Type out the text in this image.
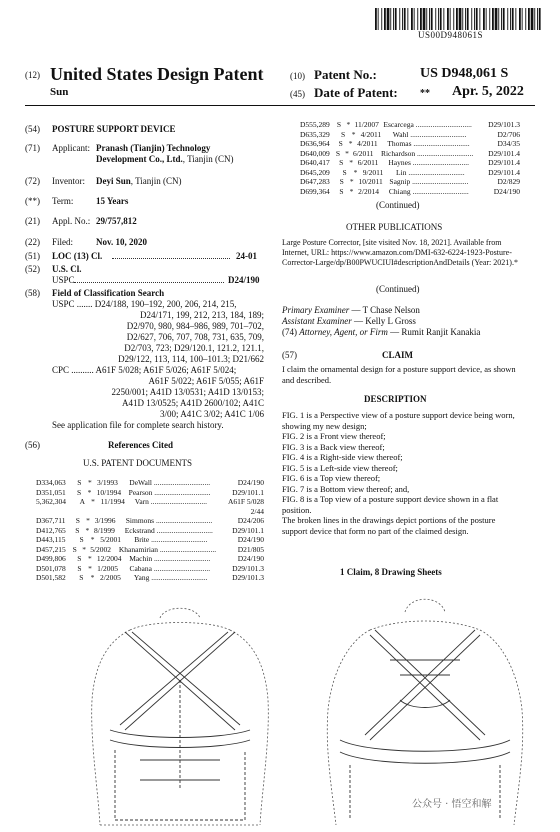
US00D948061S
(12) United States Design Patent
Sun
(10) Patent No.:	US D948,061 S
(45) Date of Patent: ** Apr. 5, 2022
(54)	POSTURE SUPPORT DEVICE
(71)	Applicant: Pranash (Tianjin) Technology
Development Co., Ltd., Tianjin (CN)
(72)	Inventor: Deyi Sun, Tianjin (CN)
(**)	Term:	15 Years
(21)	Appl. No.: 29/757,812
(22)	Filed:	Nov. 10, 2020
(51)	LOC (13) Cl.	24-01
(52)	U.S. Cl.
USPC	D24/190
(58)	Field of Classification Search
USPC ....... D24/188, 190–192, 200, 206, 214, 215,
D24/171, 199, 212, 213, 184, 189;
D2/970, 980, 984–986, 989, 701–702,
D2/627, 706, 707, 708, 731, 635, 709,
D2/703, 723; D29/120.1, 121.2, 121.1,
D29/122, 113, 114, 100–101.3; D21/662
CPC .......... A61F 5/028; A61F 5/026; A61F 5/024;
A61F 5/022; A61F 5/055; A61F
2250/001; A41D 13/0531; A41D 13/0153;
A41D 13/0525; A41D 2600/102; A41C
3/00; A41C 3/02; A41C 1/06
See application file for complete search history.
(56)	References Cited
U.S. PATENT DOCUMENTS
D334,063	S * 3/1993	DeWall ..............................	D24/190
D351,051	S * 10/1994 Pearson ..............................	D29/101.1
5,362,304	A * 11/1994	Varn ..............................	A61F 5/028
2/44
D367,711	S * 3/1996	Simmons ..............................	D24/206
D412,765	S * 8/1999	Eckstrand ..............................	D29/101.1
D443,115	S * 5/2001	Brite ..............................	D24/190
D457,215 S * 5/2002	Khanamirian ..............................	D21/805
D499,806	S * 12/2004	Machin ..............................	D24/190
D501,078	S * 1/2005	Cabana ..............................	D29/101.3
D501,582	S * 2/2005	Yang ..............................	D29/101.3
D555,289 S * 11/2007 Escarcega ..............................	D29/101.3
D635,329	S * 4/2011	Wahl ..............................	D2/706
D636,964	S * 4/2011	Thomas ..............................	D34/35
D640,009 S * 6/2011 Richardson ..............................	D29/101.4
D640,417	S * 6/2011	Haynes ..............................	D29/101.4
D645,209	S * 9/2011	Lin ..............................	D29/101.4
D647,283	S * 10/2011 Sagnip ..............................	D2/829
D699,364	S * 2/2014	Chiang ..............................	D24/190
(Continued)
OTHER PUBLICATIONS
Large Posture Corrector, [site visited Nov. 18, 2021]. Available from Internet, URL: https://www.amazon.com/DMI-632-6224-1923-Posture-Corrector-Large/dp/B00PWUCIUI#descriptionAndDetails (Year: 2021).*
(Continued)
Primary Examiner — T Chase Nelson
Assistant Examiner — Kelly L Gross
(74) Attorney, Agent, or Firm — Rumit Ranjit Kanakia
(57)	CLAIM
I claim the ornamental design for a posture support device, as shown and described.
DESCRIPTION
FIG. 1 is a Perspective view of a posture support device being worn, showing my new design;
FIG. 2 is a Front view thereof;
FIG. 3 is a Back view thereof;
FIG. 4 is a Right-side view thereof;
FIG. 5 is a Left-side view thereof;
FIG. 6 is a Top view thereof;
FIG. 7 is a Bottom view thereof; and,
FIG. 8 is a Top view of a posture support device shown in a flat position.
The broken lines in the drawings depict portions of the posture support device that form no part of the claimed design.
1 Claim, 8 Drawing Sheets
公众号 · 悟空和解
